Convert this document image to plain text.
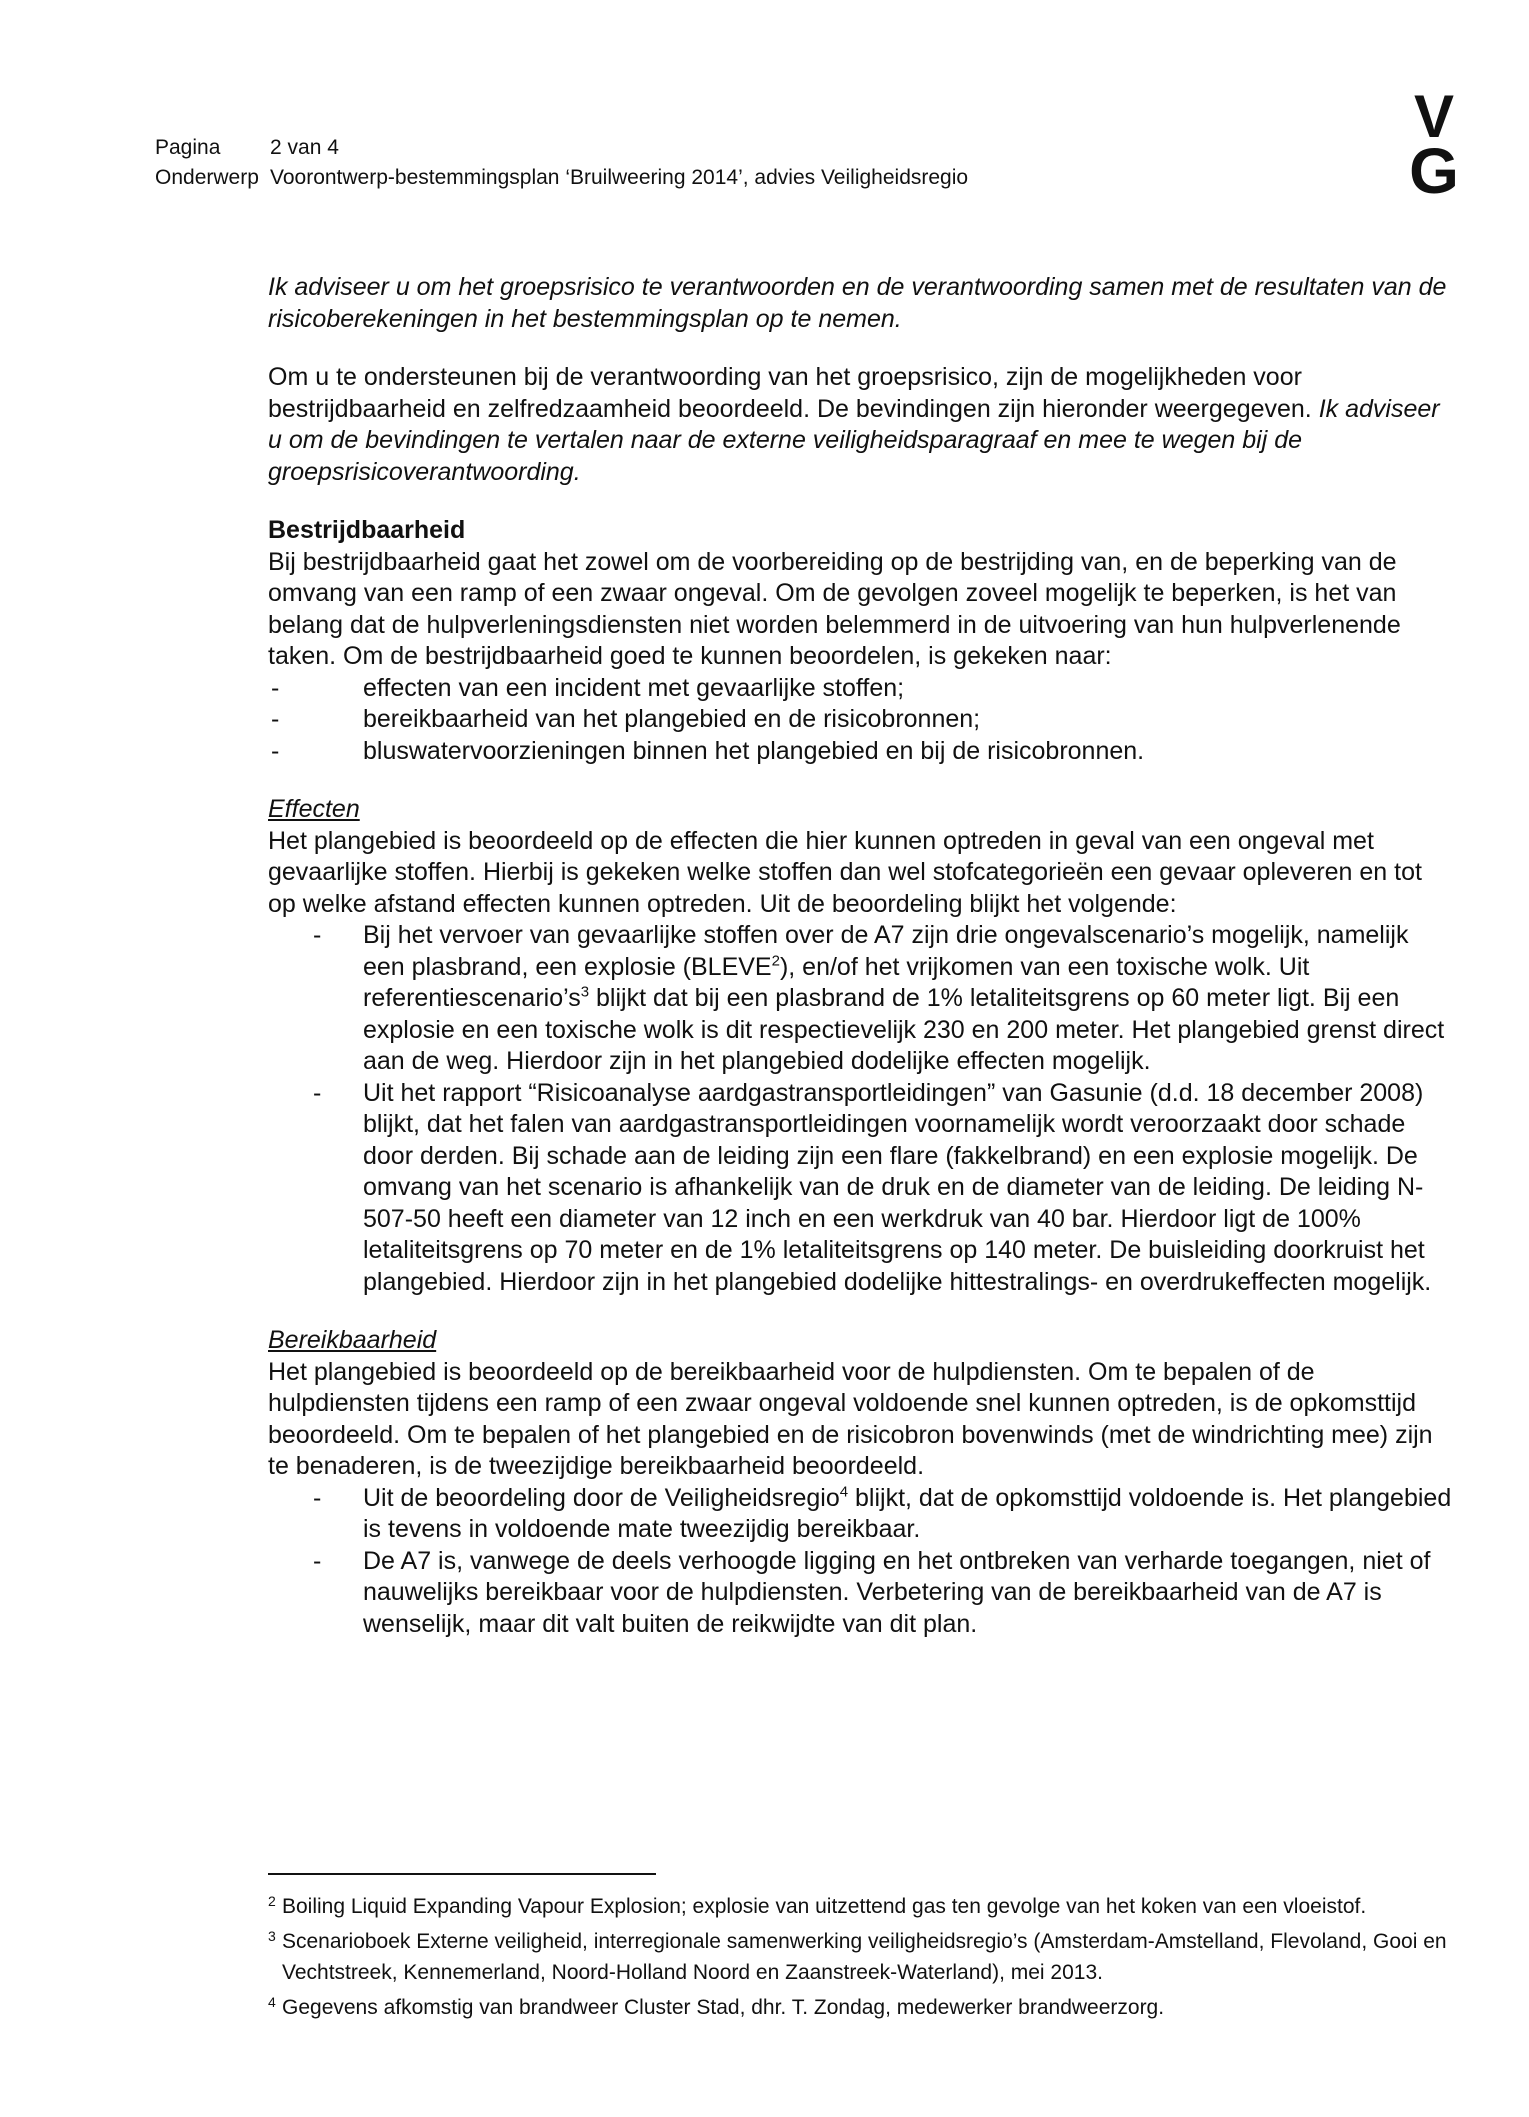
Pagina 2 van 4
Onderwerp Voorontwerp-bestemmingsplan ‘Bruilweering 2014’, advies Veiligheidsregio
V
G

Ik adviseer u om het groepsrisico te verantwoorden en de verantwoording samen met de resultaten van de risicoberekeningen in het bestemmingsplan op te nemen.

Om u te ondersteunen bij de verantwoording van het groepsrisico, zijn de mogelijkheden voor bestrijdbaarheid en zelfredzaamheid beoordeeld. De bevindingen zijn hieronder weergegeven. Ik adviseer u om de bevindingen te vertalen naar de externe veiligheidsparagraaf en mee te wegen bij de groepsrisicoverantwoording.

Bestrijdbaarheid

Bij bestrijdbaarheid gaat het zowel om de voorbereiding op de bestrijding van, en de beperking van de omvang van een ramp of een zwaar ongeval. Om de gevolgen zoveel mogelijk te beperken, is het van belang dat de hulpverleningsdiensten niet worden belemmerd in de uitvoering van hun hulpverlenende taken. Om de bestrijdbaarheid goed te kunnen beoordelen, is gekeken naar:

- effecten van een incident met gevaarlijke stoffen;
- bereikbaarheid van het plangebied en de risicobronnen;
- bluswatervoorzieningen binnen het plangebied en bij de risicobronnen.
Effecten

Het plangebied is beoordeeld op de effecten die hier kunnen optreden in geval van een ongeval met gevaarlijke stoffen. Hierbij is gekeken welke stoffen dan wel stofcategorieën een gevaar opleveren en tot op welke afstand effecten kunnen optreden. Uit de beoordeling blijkt het volgende:

- Bij het vervoer van gevaarlijke stoffen over de A7 zijn drie ongevalscenario’s mogelijk, namelijk een plasbrand, een explosie (BLEVE$^2$), en/of het vrijkomen van een toxische wolk. Uit $referentiescenario’s^3$ blijkt dat bij een plasbrand de 1% letaliteitsgrens op 60 meter ligt. Bij een explosie en een toxische wolk is dit respectievelijk 230 en 200 meter. Het plangebied grenst direct aan de weg. Hierdoor zijn in het plangebied dodelijke effecten mogelijk.
- Uit het rapport “Risicoanalyse aardgastransportleidingen” van Gasunie (d.d. 18 december 2008) blijkt, dat het falen van aardgastransportleidingen voornamelijk wordt veroorzaakt door schade door derden. Bij schade aan de leiding zijn een flare (fakkelbrand) en een explosie mogelijk. De omvang van het scenario is afhankelijk van de druk en de diameter van de leiding. De leiding N-507-50 heeft een diameter van 12 inch en een werkdruk van 40 bar. Hierdoor ligt de 100% letaliteitsgrens op 70 meter en de 1% letaliteitsgrens op 140 meter. De buisleiding doorkruist het plangebied. Hierdoor zijn in het plangebied dodelijke hittestralings- en overdrukeffecten mogelijk.
Bereikbaarheid

Het plangebied is beoordeeld op de bereikbaarheid voor de hulpdiensten. Om te bepalen of de hulpdiensten tijdens een ramp of een zwaar ongeval voldoende snel kunnen optreden, is de opkomsttijd beoordeeld. Om te bepalen of het plangebied en de risicobron bovenwinds (met de windrichting mee) zijn te benaderen, is de tweezijdige bereikbaarheid beoordeeld.

- Uit de beoordeling door de Veiligheidsregio$^4$ blijkt, dat de opkomsttijd voldoende is. Het plangebied is tevens in voldoende mate tweezijdig bereikbaar.
- De A7 is, vanwege de deels verhoogde ligging en het ontbreken van verharde toegangen, niet of nauwelijks bereikbaar voor de hulpdiensten. Verbetering van de bereikbaarheid van de A7 is wenselijk, maar dit valt buiten de reikwijdte van dit plan.
2 Boiling Liquid Expanding Vapour Explosion; explosie van uitzettend gas ten gevolge van het koken van een vloeistof.
3 Scenarioboek Externe veiligheid, interregionale samenwerking veiligheidsregio’s (Amsterdam-Amstelland, Flevoland, Gooi en Vechtstreek, Kennemerland, Noord-Holland Noord en Zaanstreek-Waterland), mei 2013.
4 Gegevens afkomstig van brandweer Cluster Stad, dhr. T. Zondag, medewerker brandweerzorg.
